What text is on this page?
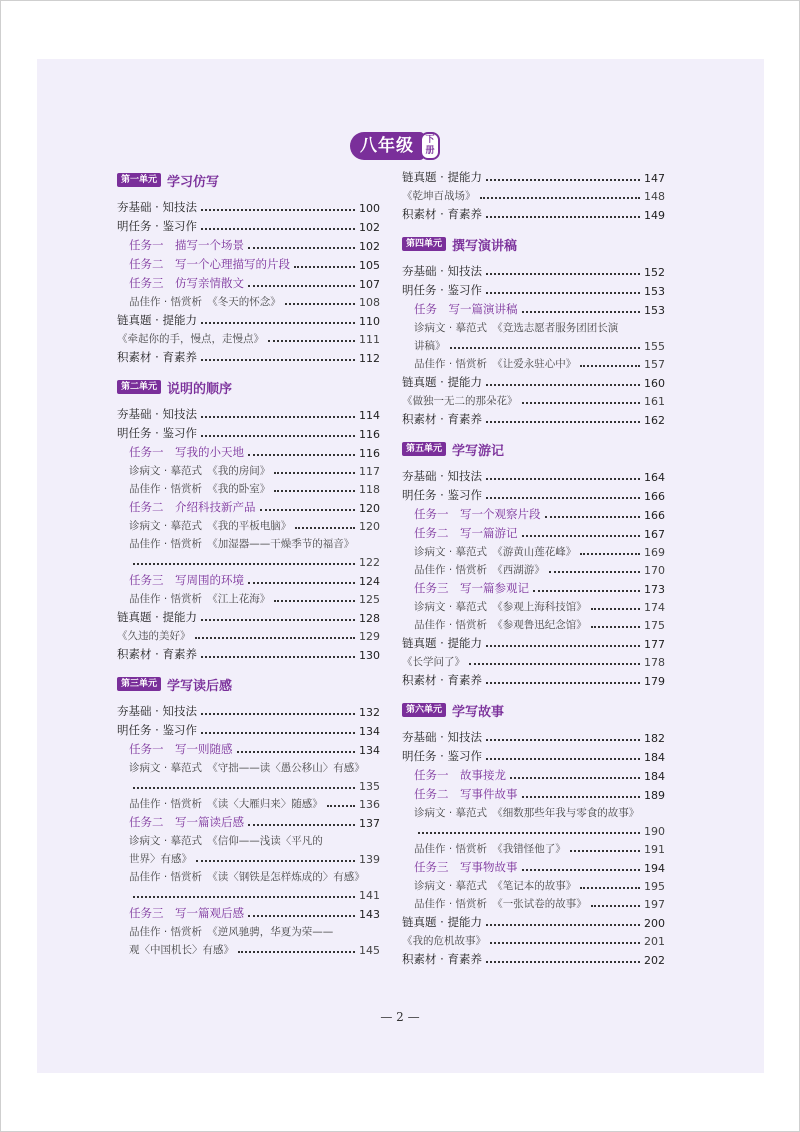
八年级	下
册
第一单元 学习仿写
夯基础 · 知技法	100
明任务 · 鉴习作	102
任务一　描写一个场景	102
任务二　写一个心理描写的片段	105
任务三　仿写亲情散文	107
品佳作 · 悟赏析　《冬天的怀念》	108
链真题 · 提能力	110
《牵起你的手，慢点，走慢点》	111
积素材 · 育素养	112
第二单元 说明的顺序
夯基础 · 知技法	114
明任务 · 鉴习作	116
任务一　写我的小天地	116
诊病文 · 摹范式　《我的房间》	117
品佳作 · 悟赏析　《我的卧室》	118
任务二　介绍科技新产品	120
诊病文 · 摹范式　《我的平板电脑》	120
品佳作 · 悟赏析　《加湿器——干燥季节的福音》
122
任务三　写周围的环境	124
品佳作 · 悟赏析　《江上花海》	125
链真题 · 提能力	128
《久违的美好》	129
积素材 · 育素养	130
第三单元 学写读后感
夯基础 · 知技法	132
明任务 · 鉴习作	134
任务一　写一则随感	134
诊病文 · 摹范式　《守拙——读〈愚公移山〉有感》
135
品佳作 · 悟赏析　《读〈大雁归来〉随感》	136
任务二　写一篇读后感	137
诊病文 · 摹范式　《信仰——浅读〈平凡的
世界〉有感》	139
品佳作 · 悟赏析　《读〈钢铁是怎样炼成的〉有感》
141
任务三　写一篇观后感	143
品佳作 · 悟赏析　《逆风驰骋，华夏为荣——
观〈中国机长〉有感》	145
链真题 · 提能力	147
《乾坤百战场》	148
积素材 · 育素养	149
第四单元 撰写演讲稿
夯基础 · 知技法	152
明任务 · 鉴习作	153
任务　写一篇演讲稿	153
诊病文 · 摹范式　《竞选志愿者服务团团长演
讲稿》	155
品佳作 · 悟赏析　《让爱永驻心中》	157
链真题 · 提能力	160
《做独一无二的那朵花》	161
积素材 · 育素养	162
第五单元 学写游记
夯基础 · 知技法	164
明任务 · 鉴习作	166
任务一　写一个观察片段	166
任务二　写一篇游记	167
诊病文 · 摹范式　《游黄山莲花峰》	169
品佳作 · 悟赏析　《西湖游》	170
任务三　写一篇参观记	173
诊病文 · 摹范式　《参观上海科技馆》	174
品佳作 · 悟赏析　《参观鲁迅纪念馆》	175
链真题 · 提能力	177
《长学问了》	178
积素材 · 育素养	179
第六单元 学写故事
夯基础 · 知技法	182
明任务 · 鉴习作	184
任务一　故事接龙	184
任务二　写事件故事	189
诊病文 · 摹范式　《细数那些年我与零食的故事》
190
品佳作 · 悟赏析　《我错怪他了》	191
任务三　写事物故事	194
诊病文 · 摹范式　《笔记本的故事》	195
品佳作 · 悟赏析　《一张试卷的故事》	197
链真题 · 提能力	200
《我的危机故事》	201
积素材 · 育素养	202
— 2 —
